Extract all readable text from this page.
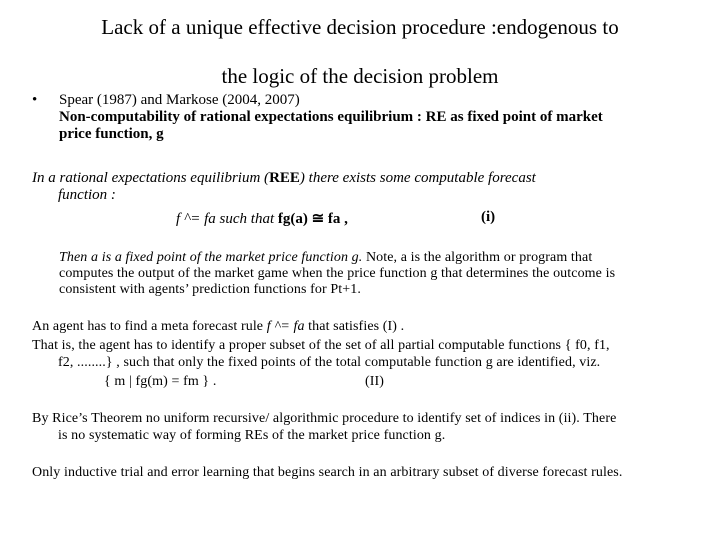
Lack of a unique effective decision procedure :endogenous to
the logic of the decision problem
• Spear (1987) and Markose (2004, 2007)
Non-computability of rational expectations equilibrium : RE as fixed point of market
price function, g
In a rational expectations equilibrium (REE) there exists some computable forecast
function :
f ^= fa such that fg(a) ≅ fa ,	(i)
Then a is a fixed point of the market price function g. Note, a is the algorithm or program that
computes the output of the market game when the price function g that determines the outcome is
consistent with agents’ prediction functions for Pt+1.
An agent has to find a meta forecast rule f ^= fa that satisfies (I) .
That is, the agent has to identify a proper subset of the set of all partial computable functions { f0, f1,
f2, ........} , such that only the fixed points of the total computable function g are identified, viz.
{ m | fg(m) = fm } .	(II)
By Rice’s Theorem no uniform recursive/ algorithmic procedure to identify set of indices in (ii). There
is no systematic way of forming REs of the market price function g.
Only inductive trial and error learning that begins search in an arbitrary subset of diverse forecast rules.
